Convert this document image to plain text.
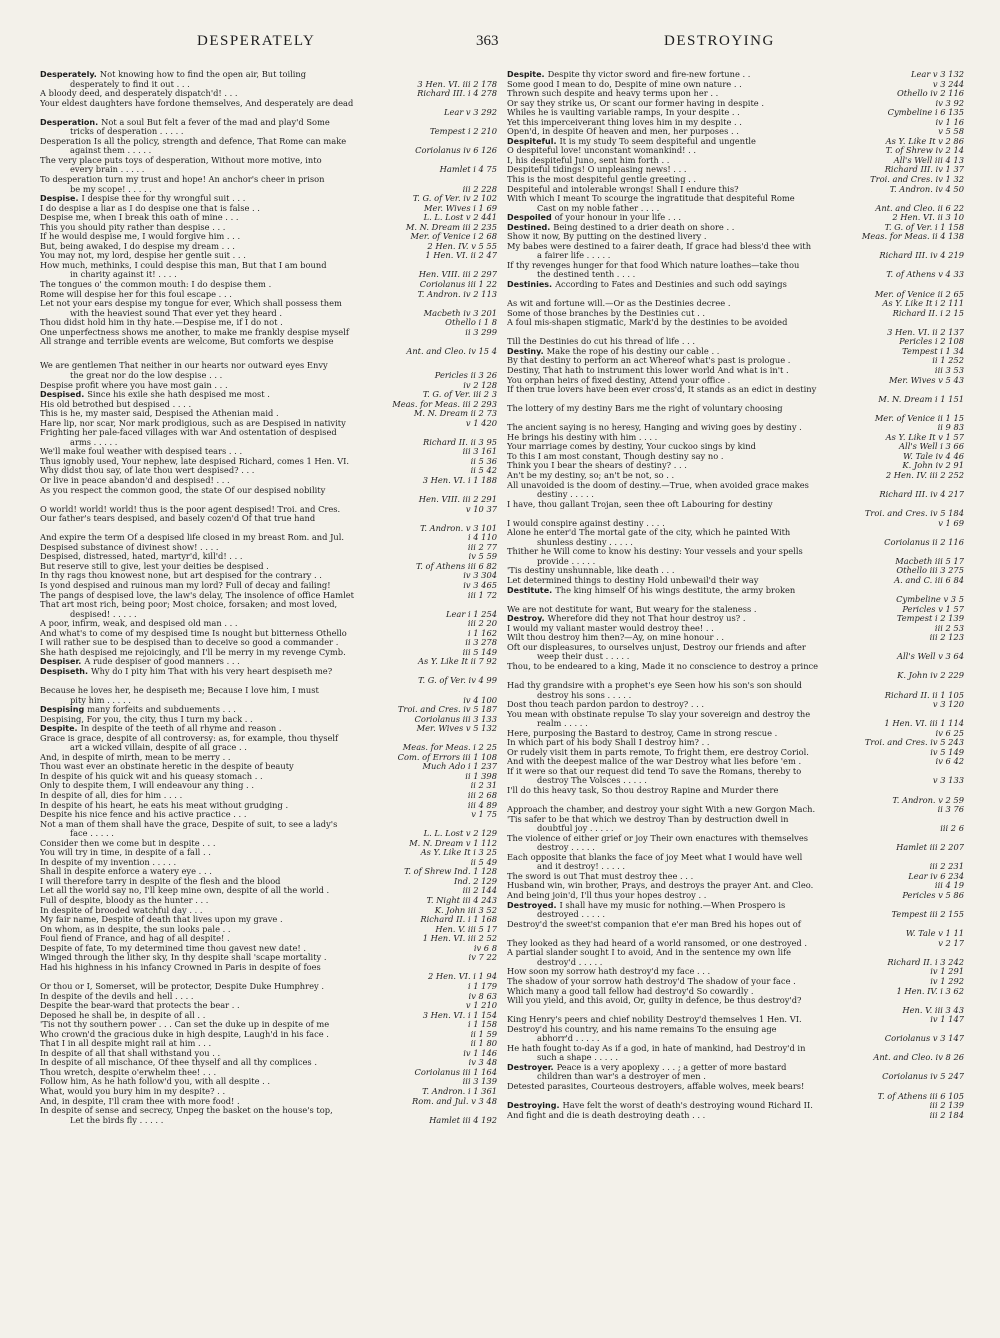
DESPERATELY	363	DESTROYING
Desperately. Not knowing how to find the open air, But toiling
desperately to find it out . . .	3 Hen. VI. iii 2 178
A bloody deed, and desperately dispatch'd! . . .	Richard III. i 4 278
Your eldest daughters have fordone themselves, And desperately are dead
Lear v 3 292
Desperation. Not a soul But felt a fever of the mad and play'd Some
tricks of desperation . . . . .	Tempest i 2 210
Desperation Is all the policy, strength and defence, That Rome can make
against them . . . . .	Coriolanus iv 6 126
The very place puts toys of desperation, Without more motive, into
every brain . . . . .	Hamlet i 4 75
To desperation turn my trust and hope! An anchor's cheer in prison
be my scope! . . . . .	iii 2 228
Despise. I despise thee for thy wrongful suit . . .	T. G. of Ver. iv 2 102
I do despise a liar as I do despise one that is false . .	Mer. Wives i 1 69
Despise me, when I break this oath of mine . . .	L. L. Lost v 2 441
This you should pity rather than despise . . .	M. N. Dream iii 2 235
If he would despise me, I would forgive him . . .	Mer. of Venice i 2 68
But, being awaked, I do despise my dream . . .	2 Hen. IV. v 5 55
You may not, my lord, despise her gentle suit . . .	1 Hen. VI. ii 2 47
How much, methinks, I could despise this man, But that I am bound
in charity against it! . . . .	Hen. VIII. iii 2 297
The tongues o' the common mouth: I do despise them .	Coriolanus iii 1 22
Rome will despise her for this foul escape . . .	T. Andron. iv 2 113
Let not your ears despise my tongue for ever, Which shall possess them
with the heaviest sound That ever yet they heard .	Macbeth iv 3 201
Thou didst hold him in thy hate.—Despise me, if I do not .	Othello i 1 8
One unperfectness shows me another, to make me frankly despise myself	ii 3 299
All strange and terrible events are welcome, But comforts we despise
Ant. and Cleo. iv 15 4
We are gentlemen That neither in our hearts nor outward eyes Envy
the great nor do the low despise . . .	Pericles ii 3 26
Despise profit where you have most gain . . .	iv 2 128
Despised. Since his exile she hath despised me most .	T. G. of Ver. iii 2 3
His old betrothed but despised . . . .	Meas. for Meas. iii 2 293
This is he, my master said, Despised the Athenian maid .	M. N. Dream ii 2 73
Hare lip, nor scar, Nor mark prodigious, such as are Despised in nativity	v 1 420
Frighting her pale-faced villages with war And ostentation of despised
arms . . . . .	Richard II. ii 3 95
We'll make foul weather with despised tears . . .	iii 3 161
Thus ignobly used, Your nephew, late despised Richard, comes 1 Hen. VI.	ii 5 36
Why didst thou say, of late thou wert despised? . . .	ii 5 42
Or live in peace abandon'd and despised! . . .	3 Hen. VI. i 1 188
As you respect the common good, the state Of our despised nobility
Hen. VIII. iii 2 291
O world! world! world! thus is the poor agent despised! Troi. and Cres.	v 10 37
Our father's tears despised, and basely cozen'd Of that true hand
T. Andron. v 3 101
And expire the term Of a despised life closed in my breast Rom. and Jul.	i 4 110
Despised substance of divinest show! . . . .	iii 2 77
Despised, distressed, hated, martyr'd, kill'd! . . .	iv 5 59
But reserve still to give, lest your deities be despised .	T. of Athens iii 6 82
In thy rags thou knowest none, but art despised for the contrary . .	iv 3 304
Is yond despised and ruinous man my lord? Full of decay and failing!	iv 3 465
The pangs of despised love, the law's delay, The insolence of office Hamlet	iii 1 72
That art most rich, being poor; Most choice, forsaken; and most loved,
despised! . . . . .	Lear i 1 254
A poor, infirm, weak, and despised old man . . .	iii 2 20
And what's to come of my despised time Is nought but bitterness Othello	i 1 162
I will rather sue to be despised than to deceive so good a commander .	ii 3 278
She hath despised me rejoicingly, and I'll be merry in my revenge Cymb.	iii 5 149
Despiser. A rude despiser of good manners . . .	As Y. Like It ii 7 92
Despiseth. Why do I pity him That with his very heart despiseth me?
T. G. of Ver. iv 4 99
Because he loves her, he despiseth me; Because I love him, I must
pity him . . . . .	iv 4 100
Despising many forfeits and subduements . . .	Troi. and Cres. iv 5 187
Despising, For you, the city, thus I turn my back . .	Coriolanus iii 3 133
Despite. In despite of the teeth of all rhyme and reason .	Mer. Wives v 5 132
Grace is grace, despite of all controversy: as, for example, thou thyself
art a wicked villain, despite of all grace . .	Meas. for Meas. i 2 25
And, in despite of mirth, mean to be merry . .	Com. of Errors iii 1 108
Thou wast ever an obstinate heretic in the despite of beauty	Much Ado i 1 237
In despite of his quick wit and his queasy stomach . .	ii 1 398
Only to despite them, I will endeavour any thing . .	ii 2 31
In despite of all, dies for him . . . .	iii 2 68
In despite of his heart, he eats his meat without grudging .	iii 4 89
Despite his nice fence and his active practice . . .	v 1 75
Not a man of them shall have the grace, Despite of suit, to see a lady's
face . . . . .	L. L. Lost v 2 129
Consider then we come but in despite . . .	M. N. Dream v 1 112
You will try in time, in despite of a fall . .	As Y. Like It i 3 25
In despite of my invention . . . . .	ii 5 49
Shall in despite enforce a watery eye . . .	T. of Shrew Ind. 1 128
I will therefore tarry in despite of the flesh and the blood	Ind. 2 129
Let all the world say no, I'll keep mine own, despite of all the world .	iii 2 144
Full of despite, bloody as the hunter . . .	T. Night iii 4 243
In despite of brooded watchful day . . .	K. John iii 3 52
My fair name, Despite of death that lives upon my grave .	Richard II. i 1 168
On whom, as in despite, the sun looks pale . .	Hen. V. iii 5 17
Foul fiend of France, and hag of all despite! .	1 Hen. VI. iii 2 52
Despite of fate, To my determined time thou gavest new date! .	iv 6 8
Winged through the lither sky, In thy despite shall 'scape mortality .	iv 7 22
Had his highness in his infancy Crowned in Paris in despite of foes
2 Hen. VI. i 1 94
Or thou or I, Somerset, will be protector, Despite Duke Humphrey .	i 1 179
In despite of the devils and hell . . . .	iv 8 63
Despite the bear-ward that protects the bear . .	v 1 210
Deposed he shall be, in despite of all . .	3 Hen. VI. i 1 154
'Tis not thy southern power . . . Can set the duke up in despite of me	i 1 158
Who crown'd the gracious duke in high despite, Laugh'd in his face .	ii 1 59
That I in all despite might rail at him . . .	ii 1 80
In despite of all that shall withstand you . .	iv 1 146
In despite of all mischance, Of thee thyself and all thy complices .	iv 3 48
Thou wretch, despite o'erwhelm thee! . . .	Coriolanus iii 1 164
Follow him, As he hath follow'd you, with all despite . .	iii 3 139
What, would you bury him in my despite? . .	T. Andron. i 1 361
And, in despite, I'll cram thee with more food! .	Rom. and Jul. v 3 48
In despite of sense and secrecy, Unpeg the basket on the house's top,
Let the birds fly . . . . .	Hamlet iii 4 192
Despite. Despite thy victor sword and fire-new fortune . .	Lear v 3 132
Some good I mean to do, Despite of mine own nature . .	v 3 244
Thrown such despite and heavy terms upon her . .	Othello iv 2 116
Or say they strike us, Or scant our former having in despite .	iv 3 92
Whiles he is vaulting variable ramps, In your despite . .	Cymbeline i 6 135
Yet this imperceiverant thing loves him in my despite . .	iv 1 16
Open'd, in despite Of heaven and men, her purposes . .	v 5 58
Despiteful. It is my study To seem despiteful and ungentle	As Y. Like It v 2 86
O despiteful love! unconstant womankind! . .	T. of Shrew iv 2 14
I, his despiteful Juno, sent him forth . .	All's Well iii 4 13
Despiteful tidings! O unpleasing news! . . .	Richard III. iv 1 37
This is the most despiteful gentle greeting . .	Troi. and Cres. iv 1 32
Despiteful and intolerable wrongs! Shall I endure this?	T. Andron. iv 4 50
With which I meant To scourge the ingratitude that despiteful Rome
Cast on my noble father . . . .	Ant. and Cleo. ii 6 22
Despoiled of your honour in your life . . .	2 Hen. VI. ii 3 10
Destined. Being destined to a drier death on shore . .	T. G. of Ver. i 1 158
Show it now, By putting on the destined livery .	Meas. for Meas. ii 4 138
My babes were destined to a fairer death, If grace had bless'd thee with
a fairer life . . . . .	Richard III. iv 4 219
If thy revenges hunger for that food Which nature loathes—take thou
the destined tenth . . . .	T. of Athens v 4 33
Destinies. According to Fates and Destinies and such odd sayings
Mer. of Venice ii 2 65
As wit and fortune will.—Or as the Destinies decree .	As Y. Like It i 2 111
Some of those branches by the Destinies cut . .	Richard II. i 2 15
A foul mis-shapen stigmatic, Mark'd by the destinies to be avoided
3 Hen. VI. ii 2 137
Till the Destinies do cut his thread of life . . .	Pericles i 2 108
Destiny. Make the rope of his destiny our cable . .	Tempest i 1 34
By that destiny to perform an act Whereof what's past is prologue .	ii 1 252
Destiny, That hath to instrument this lower world And what is in't .	iii 3 53
You orphan heirs of fixed destiny, Attend your office .	Mer. Wives v 5 43
If then true lovers have been ever cross'd, It stands as an edict in destiny
M. N. Dream i 1 151
The lottery of my destiny Bars me the right of voluntary choosing
Mer. of Venice ii 1 15
The ancient saying is no heresy, Hanging and wiving goes by destiny .	ii 9 83
He brings his destiny with him . . . .	As Y. Like It v 1 57
Your marriage comes by destiny, Your cuckoo sings by kind	All's Well i 3 66
To this I am most constant, Though destiny say no .	W. Tale iv 4 46
Think you I bear the shears of destiny? . . .	K. John iv 2 91
An't be my destiny, so; an't be not, so . .	2 Hen. IV. iii 2 252
All unavoided is the doom of destiny.—True, when avoided grace makes
destiny . . . . .	Richard III. iv 4 217
I have, thou gallant Trojan, seen thee oft Labouring for destiny
Troi. and Cres. iv 5 184
I would conspire against destiny . . . .	v 1 69
Alone he enter'd The mortal gate of the city, which he painted With
shunless destiny . . . . .	Coriolanus ii 2 116
Thither he Will come to know his destiny: Your vessels and your spells
provide . . . . .	Macbeth iii 5 17
'Tis destiny unshunnable, like death . . .	Othello iii 3 275
Let determined things to destiny Hold unbewail'd their way	A. and C. iii 6 84
Destitute. The king himself Of his wings destitute, the army broken
Cymbeline v 3 5
We are not destitute for want, But weary for the staleness .	Pericles v 1 57
Destroy. Wherefore did they not That hour destroy us? .	Tempest i 2 139
I would my valiant master would destroy thee! . .	iii 2 53
Wilt thou destroy him then?—Ay, on mine honour . .	iii 2 123
Oft our displeasures, to ourselves unjust, Destroy our friends and after
weep their dust . . . . .	All's Well v 3 64
Thou, to be endeared to a king, Made it no conscience to destroy a prince
K. John iv 2 229
Had thy grandsire with a prophet's eye Seen how his son's son should
destroy his sons . . . . .	Richard II. ii 1 105
Dost thou teach pardon pardon to destroy? . . .	v 3 120
You mean with obstinate repulse To slay your sovereign and destroy the
realm . . . . .	1 Hen. VI. iii 1 114
Here, purposing the Bastard to destroy, Came in strong rescue .	iv 6 25
In which part of his body Shall I destroy him? . .	Troi. and Cres. iv 5 243
Or rudely visit them in parts remote, To fright them, ere destroy Coriol.	iv 5 149
And with the deepest malice of the war Destroy what lies before 'em .	iv 6 42
If it were so that our request did tend To save the Romans, thereby to
destroy The Volsces . . . . .	v 3 133
I'll do this heavy task, So thou destroy Rapine and Murder there
T. Andron. v 2 59
Approach the chamber, and destroy your sight With a new Gorgon Mach.	ii 3 76
'Tis safer to be that which we destroy Than by destruction dwell in
doubtful joy . . . . .	iii 2 6
The violence of either grief or joy Their own enactures with themselves
destroy . . . . .	Hamlet iii 2 207
Each opposite that blanks the face of joy Meet what I would have well
and it destroy! . . . . .	iii 2 231
The sword is out That must destroy thee . . .	Lear iv 6 234
Husband win, win brother, Prays, and destroys the prayer Ant. and Cleo.	iii 4 19
And being join'd, I'll thus your hopes destroy . .	Pericles v 5 86
Destroyed. I shall have my music for nothing.—When Prospero is
destroyed . . . . .	Tempest iii 2 155
Destroy'd the sweet'st companion that e'er man Bred his hopes out of
W. Tale v 1 11
They looked as they had heard of a world ransomed, or one destroyed .	v 2 17
A partial slander sought I to avoid, And in the sentence my own life
destroy'd . . . . .	Richard II. i 3 242
How soon my sorrow hath destroy'd my face . . .	iv 1 291
The shadow of your sorrow hath destroy'd The shadow of your face .	iv 1 292
Which many a good tall fellow had destroy'd So cowardly .	1 Hen. IV. i 3 62
Will you yield, and this avoid, Or, guilty in defence, be thus destroy'd?
Hen. V. iii 3 43
King Henry's peers and chief nobility Destroy'd themselves 1 Hen. VI.	iv 1 147
Destroy'd his country, and his name remains To the ensuing age
abhorr'd . . . . .	Coriolanus v 3 147
He hath fought to-day As if a god, in hate of mankind, had Destroy'd in
such a shape . . . . .	Ant. and Cleo. iv 8 26
Destroyer. Peace is a very apoplexy . . . ; a getter of more bastard
children than war's a destroyer of men .	Coriolanus iv 5 247
Detested parasites, Courteous destroyers, affable wolves, meek bears!
T. of Athens iii 6 105
Destroying. Have felt the worst of death's destroying wound Richard II.	iii 2 139
And fight and die is death destroying death . . .	iii 2 184
